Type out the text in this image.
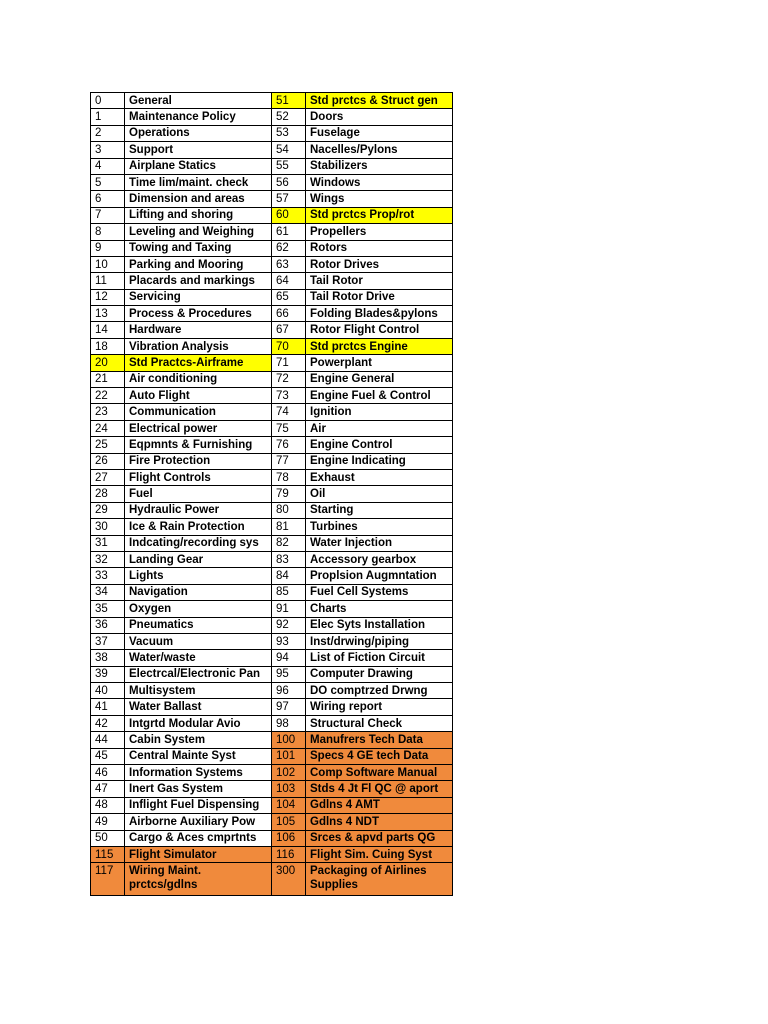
0	General	51	Std prctcs & Struct gen
1	Maintenance Policy	52	Doors
2	Operations	53	Fuselage
3	Support	54	Nacelles/Pylons
4	Airplane Statics	55	Stabilizers
5	Time lim/maint. check	56	Windows
6	Dimension and areas	57	Wings
7	Lifting and shoring	60	Std prctcs Prop/rot
8	Leveling and Weighing	61	Propellers
9	Towing and Taxing	62	Rotors
10	Parking and Mooring	63	Rotor Drives
11	Placards and markings	64	Tail Rotor
12	Servicing	65	Tail Rotor Drive
13	Process & Procedures	66	Folding Blades&pylons
14	Hardware	67	Rotor Flight Control
18	Vibration Analysis	70	Std prctcs Engine
20	Std Practcs-Airframe	71	Powerplant
21	Air conditioning	72	Engine General
22	Auto Flight	73	Engine Fuel & Control
23	Communication	74	Ignition
24	Electrical power	75	Air
25	Eqpmnts & Furnishing	76	Engine Control
26	Fire Protection	77	Engine Indicating
27	Flight Controls	78	Exhaust
28	Fuel	79	Oil
29	Hydraulic Power	80	Starting
30	Ice & Rain Protection	81	Turbines
31	Indcating/recording sys	82	Water Injection
32	Landing Gear	83	Accessory gearbox
33	Lights	84	Proplsion Augmntation
34	Navigation	85	Fuel Cell Systems
35	Oxygen	91	Charts
36	Pneumatics	92	Elec Syts Installation
37	Vacuum	93	Inst/drwing/piping
38	Water/waste	94	List of Fiction Circuit
39	Electrcal/Electronic Pan	95	Computer Drawing
40	Multisystem	96	DO comptrzed Drwng
41	Water Ballast	97	Wiring report
42	Intgrtd Modular Avio	98	Structural Check
44	Cabin System	100	Manufrers Tech Data
45	Central Mainte Syst	101	Specs 4 GE tech Data
46	Information Systems	102	Comp Software Manual
47	Inert Gas System	103	Stds 4 Jt Fl QC @ aport
48	Inflight Fuel Dispensing	104	Gdlns 4 AMT
49	Airborne Auxiliary Pow	105	Gdlns 4 NDT
50	Cargo & Aces cmprtnts	106	Srces & apvd parts QG
115	Flight Simulator	116	Flight Sim. Cuing Syst
117	Wiring Maint. prctcs/gdlns	300	Packaging of Airlines Supplies
